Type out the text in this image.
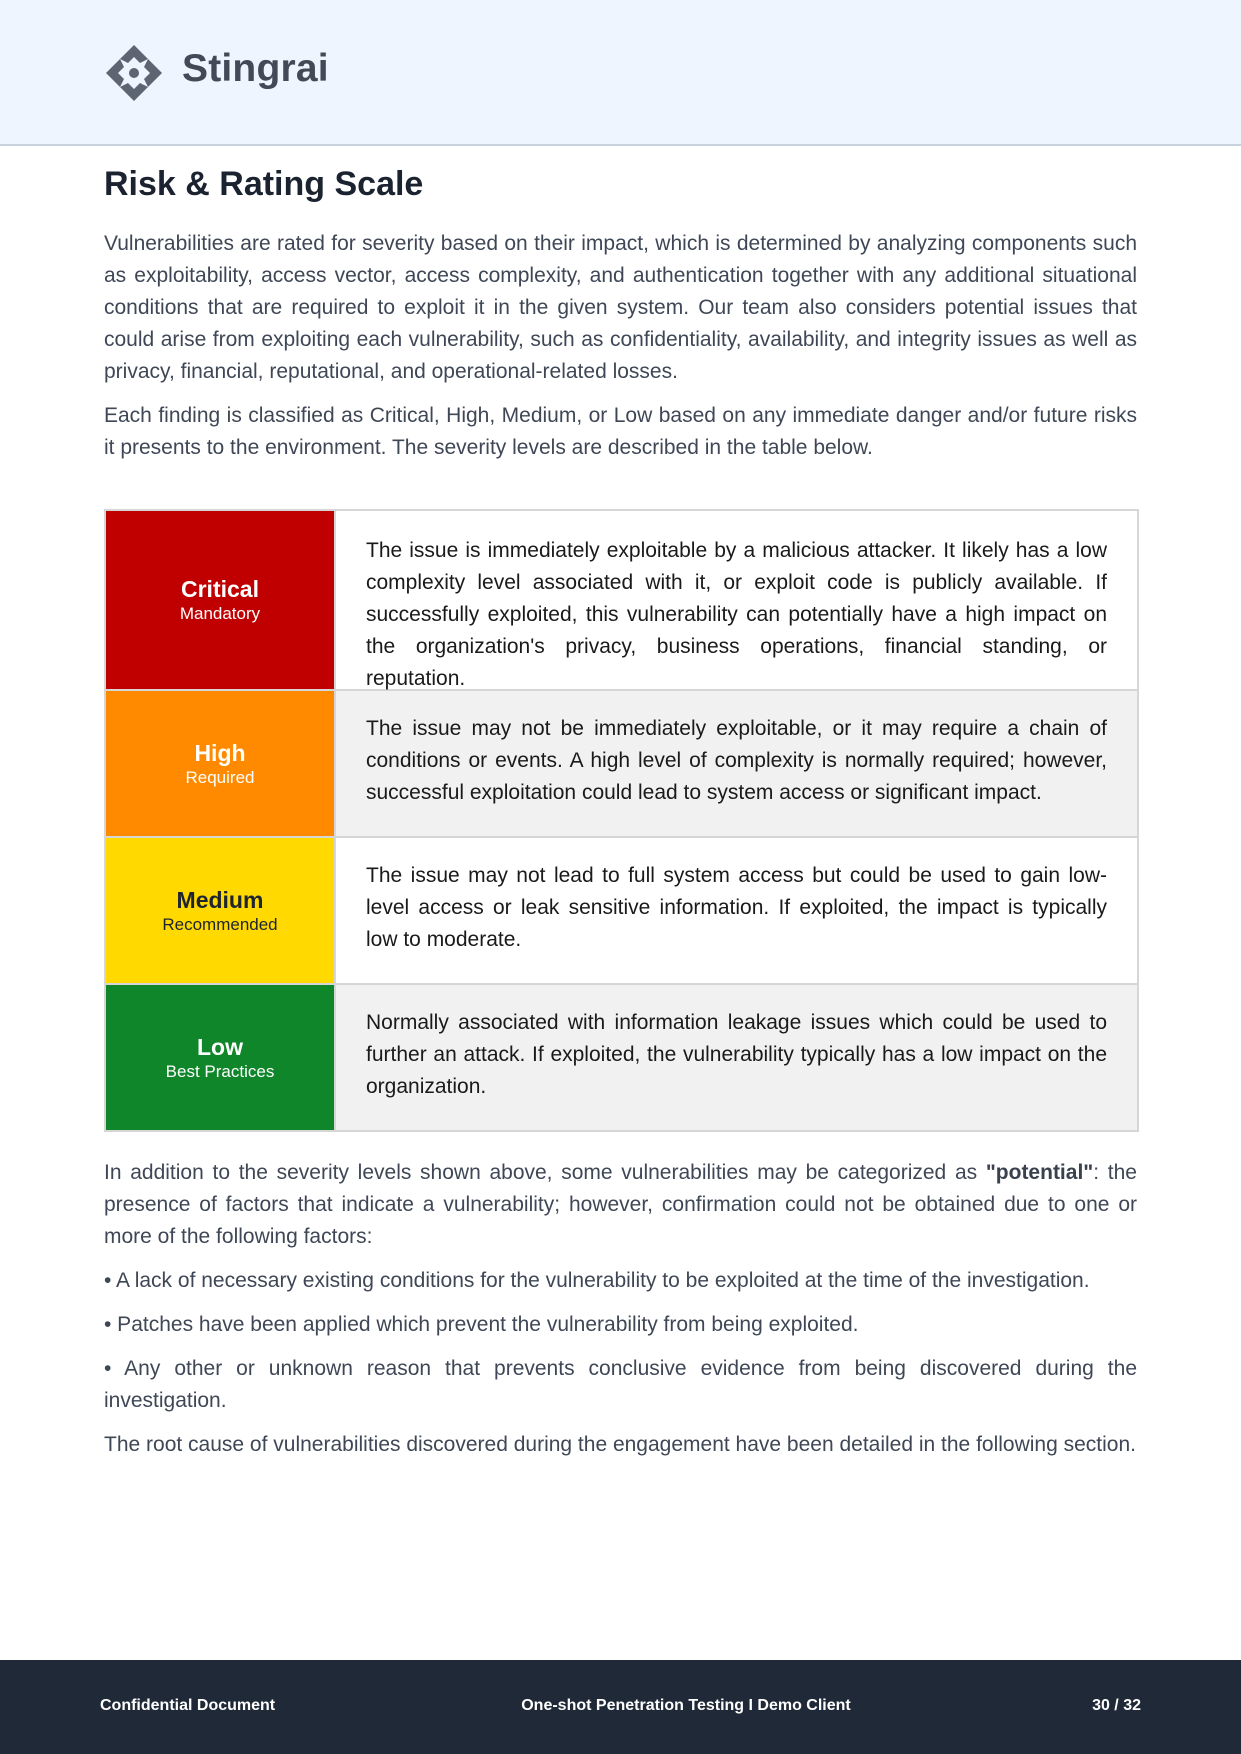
Stingrai
Risk & Rating Scale

Vulnerabilities are rated for severity based on their impact, which is determined by analyzing components such as exploitability, access vector, access complexity, and authentication together with any additional situational conditions that are required to exploit it in the given system. Our team also considers potential issues that could arise from exploiting each vulnerability, such as confidentiality, availability, and integrity issues as well as privacy, financial, reputational, and operational-related losses.

Each finding is classified as Critical, High, Medium, or Low based on any immediate danger and/or future risks it presents to the environment. The severity levels are described in the table below.

Critical
Mandatory
The issue is immediately exploitable by a malicious attacker. It likely has a low complexity level associated with it, or exploit code is publicly available. If successfully exploited, this vulnerability can potentially have a high impact on the organization's privacy, business operations, financial standing, or reputation.
High
Required
The issue may not be immediately exploitable, or it may require a chain of conditions or events. A high level of complexity is normally required; however, successful exploitation could lead to system access or significant impact.
Medium
Recommended
The issue may not lead to full system access but could be used to gain low-level access or leak sensitive information. If exploited, the impact is typically low to moderate.
Low
Best Practices
Normally associated with information leakage issues which could be used to further an attack. If exploited, the vulnerability typically has a low impact on the organization.

In addition to the severity levels shown above, some vulnerabilities may be categorized as "potential": the presence of factors that indicate a vulnerability; however, confirmation could not be obtained due to one or more of the following factors:

• A lack of necessary existing conditions for the vulnerability to be exploited at the time of the investigation.

• Patches have been applied which prevent the vulnerability from being exploited.

• Any other or unknown reason that prevents conclusive evidence from being discovered during the investigation.

The root cause of vulnerabilities discovered during the engagement have been detailed in the following section.

Confidential Document	One-shot Penetration Testing I Demo Client	30 / 32
